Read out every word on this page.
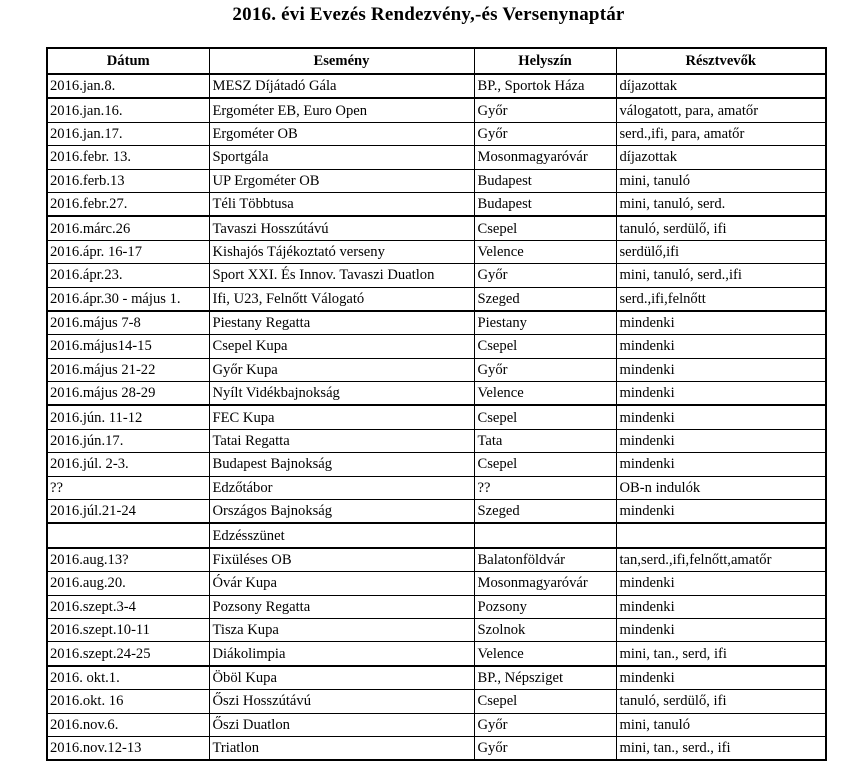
2016. évi Evezés Rendezvény,-és Versenynaptár
Dátum	Esemény	Helyszín	Résztvevők
2016.jan.8.	MESZ Díjátadó Gála	BP., Sportok Háza	díjazottak
2016.jan.16.	Ergométer EB, Euro Open	Győr	válogatott, para, amatőr
2016.jan.17.	Ergométer OB	Győr	serd.,ifi, para, amatőr
2016.febr. 13.	Sportgála	Mosonmagyaróvár	díjazottak
2016.ferb.13	UP Ergométer OB	Budapest	mini, tanuló
2016.febr.27.	Téli Többtusa	Budapest	mini, tanuló, serd.
2016.márc.26	Tavaszi Hosszútávú	Csepel	tanuló, serdülő, ifi
2016.ápr. 16-17	Kishajós Tájékoztató verseny	Velence	serdülő,ifi
2016.ápr.23.	Sport XXI. És Innov. Tavaszi Duatlon	Győr	mini, tanuló, serd.,ifi
2016.ápr.30 - május 1.	Ifi, U23, Felnőtt Válogató	Szeged	serd.,ifi,felnőtt
2016.május 7-8	Piestany Regatta	Piestany	mindenki
2016.május14-15	Csepel Kupa	Csepel	mindenki
2016.május 21-22	Győr Kupa	Győr	mindenki
2016.május 28-29	Nyílt Vidékbajnokság	Velence	mindenki
2016.jún. 11-12	FEC Kupa	Csepel	mindenki
2016.jún.17.	Tatai Regatta	Tata	mindenki
2016.júl. 2-3.	Budapest Bajnokság	Csepel	mindenki
??	Edzőtábor	??	OB-n indulók
2016.júl.21-24	Országos Bajnokság	Szeged	mindenki
	Edzésszünet		
2016.aug.13?	Fixüléses OB	Balatonföldvár	tan,serd.,ifi,felnőtt,amatőr
2016.aug.20.	Óvár Kupa	Mosonmagyaróvár	mindenki
2016.szept.3-4	Pozsony Regatta	Pozsony	mindenki
2016.szept.10-11	Tisza Kupa	Szolnok	mindenki
2016.szept.24-25	Diákolimpia	Velence	mini, tan., serd, ifi
2016. okt.1.	Öböl Kupa	BP., Népsziget	mindenki
2016.okt. 16	Őszi Hosszútávú	Csepel	tanuló, serdülő, ifi
2016.nov.6.	Őszi Duatlon	Győr	mini, tanuló
2016.nov.12-13	Triatlon	Győr	mini, tan., serd., ifi
